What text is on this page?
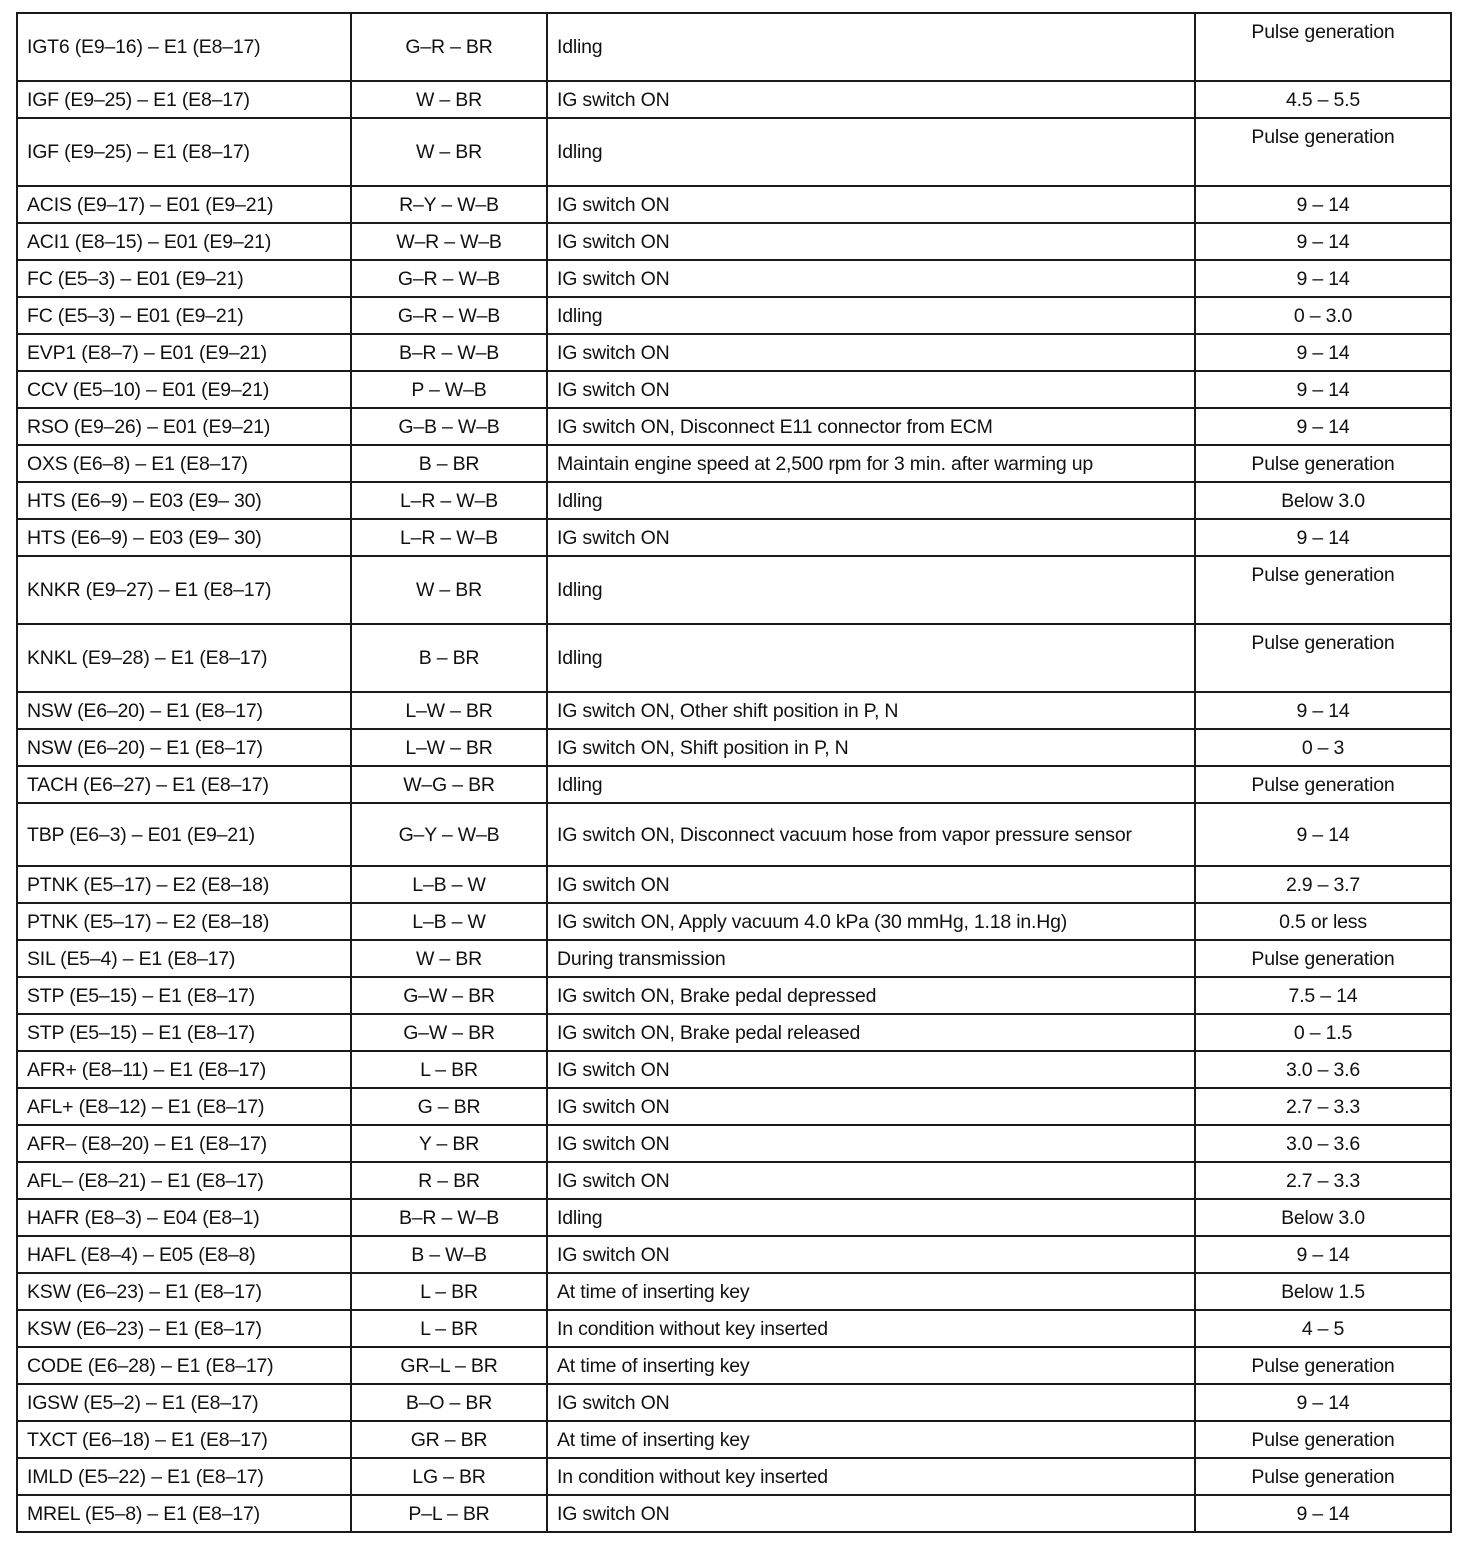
IGT6 (E9–16) – E1 (E8–17)	G–R – BR	Idling	Pulse generation
IGF (E9–25) – E1 (E8–17)	W – BR	IG switch ON	4.5 – 5.5
IGF (E9–25) – E1 (E8–17)	W – BR	Idling	Pulse generation
ACIS (E9–17) – E01 (E9–21)	R–Y – W–B	IG switch ON	9 – 14
ACI1 (E8–15) – E01 (E9–21)	W–R – W–B	IG switch ON	9 – 14
FC (E5–3) – E01 (E9–21)	G–R – W–B	IG switch ON	9 – 14
FC (E5–3) – E01 (E9–21)	G–R – W–B	Idling	0 – 3.0
EVP1 (E8–7) – E01 (E9–21)	B–R – W–B	IG switch ON	9 – 14
CCV (E5–10) – E01 (E9–21)	P – W–B	IG switch ON	9 – 14
RSO (E9–26) – E01 (E9–21)	G–B – W–B	IG switch ON, Disconnect E11 connector from ECM	9 – 14
OXS (E6–8) – E1 (E8–17)	B – BR	Maintain engine speed at 2,500 rpm for 3 min. after warming up	Pulse generation
HTS (E6–9) – E03 (E9– 30)	L–R – W–B	Idling	Below 3.0
HTS (E6–9) – E03 (E9– 30)	L–R – W–B	IG switch ON	9 – 14
KNKR (E9–27) – E1 (E8–17)	W – BR	Idling	Pulse generation
KNKL (E9–28) – E1 (E8–17)	B – BR	Idling	Pulse generation
NSW (E6–20) – E1 (E8–17)	L–W – BR	IG switch ON, Other shift position in P, N	9 – 14
NSW (E6–20) – E1 (E8–17)	L–W – BR	IG switch ON, Shift position in P, N	0 – 3
TACH (E6–27) – E1 (E8–17)	W–G – BR	Idling	Pulse generation
TBP (E6–3) – E01 (E9–21)	G–Y – W–B	IG switch ON, Disconnect vacuum hose from vapor pressure sensor	9 – 14
PTNK (E5–17) – E2 (E8–18)	L–B – W	IG switch ON	2.9 – 3.7
PTNK (E5–17) – E2 (E8–18)	L–B – W	IG switch ON, Apply vacuum 4.0 kPa (30 mmHg, 1.18 in.Hg)	0.5 or less
SIL (E5–4) – E1 (E8–17)	W – BR	During transmission	Pulse generation
STP (E5–15) – E1 (E8–17)	G–W – BR	IG switch ON, Brake pedal depressed	7.5 – 14
STP (E5–15) – E1 (E8–17)	G–W – BR	IG switch ON, Brake pedal released	0 – 1.5
AFR+ (E8–11) – E1 (E8–17)	L – BR	IG switch ON	3.0 – 3.6
AFL+ (E8–12) – E1 (E8–17)	G – BR	IG switch ON	2.7 – 3.3
AFR– (E8–20) – E1 (E8–17)	Y – BR	IG switch ON	3.0 – 3.6
AFL– (E8–21) – E1 (E8–17)	R – BR	IG switch ON	2.7 – 3.3
HAFR (E8–3) – E04 (E8–1)	B–R – W–B	Idling	Below 3.0
HAFL (E8–4) – E05 (E8–8)	B – W–B	IG switch ON	9 – 14
KSW (E6–23) – E1 (E8–17)	L – BR	At time of inserting key	Below 1.5
KSW (E6–23) – E1 (E8–17)	L – BR	In condition without key inserted	4 – 5
CODE (E6–28) – E1 (E8–17)	GR–L – BR	At time of inserting key	Pulse generation
IGSW (E5–2) – E1 (E8–17)	B–O – BR	IG switch ON	9 – 14
TXCT (E6–18) – E1 (E8–17)	GR – BR	At time of inserting key	Pulse generation
IMLD (E5–22) – E1 (E8–17)	LG – BR	In condition without key inserted	Pulse generation
MREL (E5–8) – E1 (E8–17)	P–L – BR	IG switch ON	9 – 14
